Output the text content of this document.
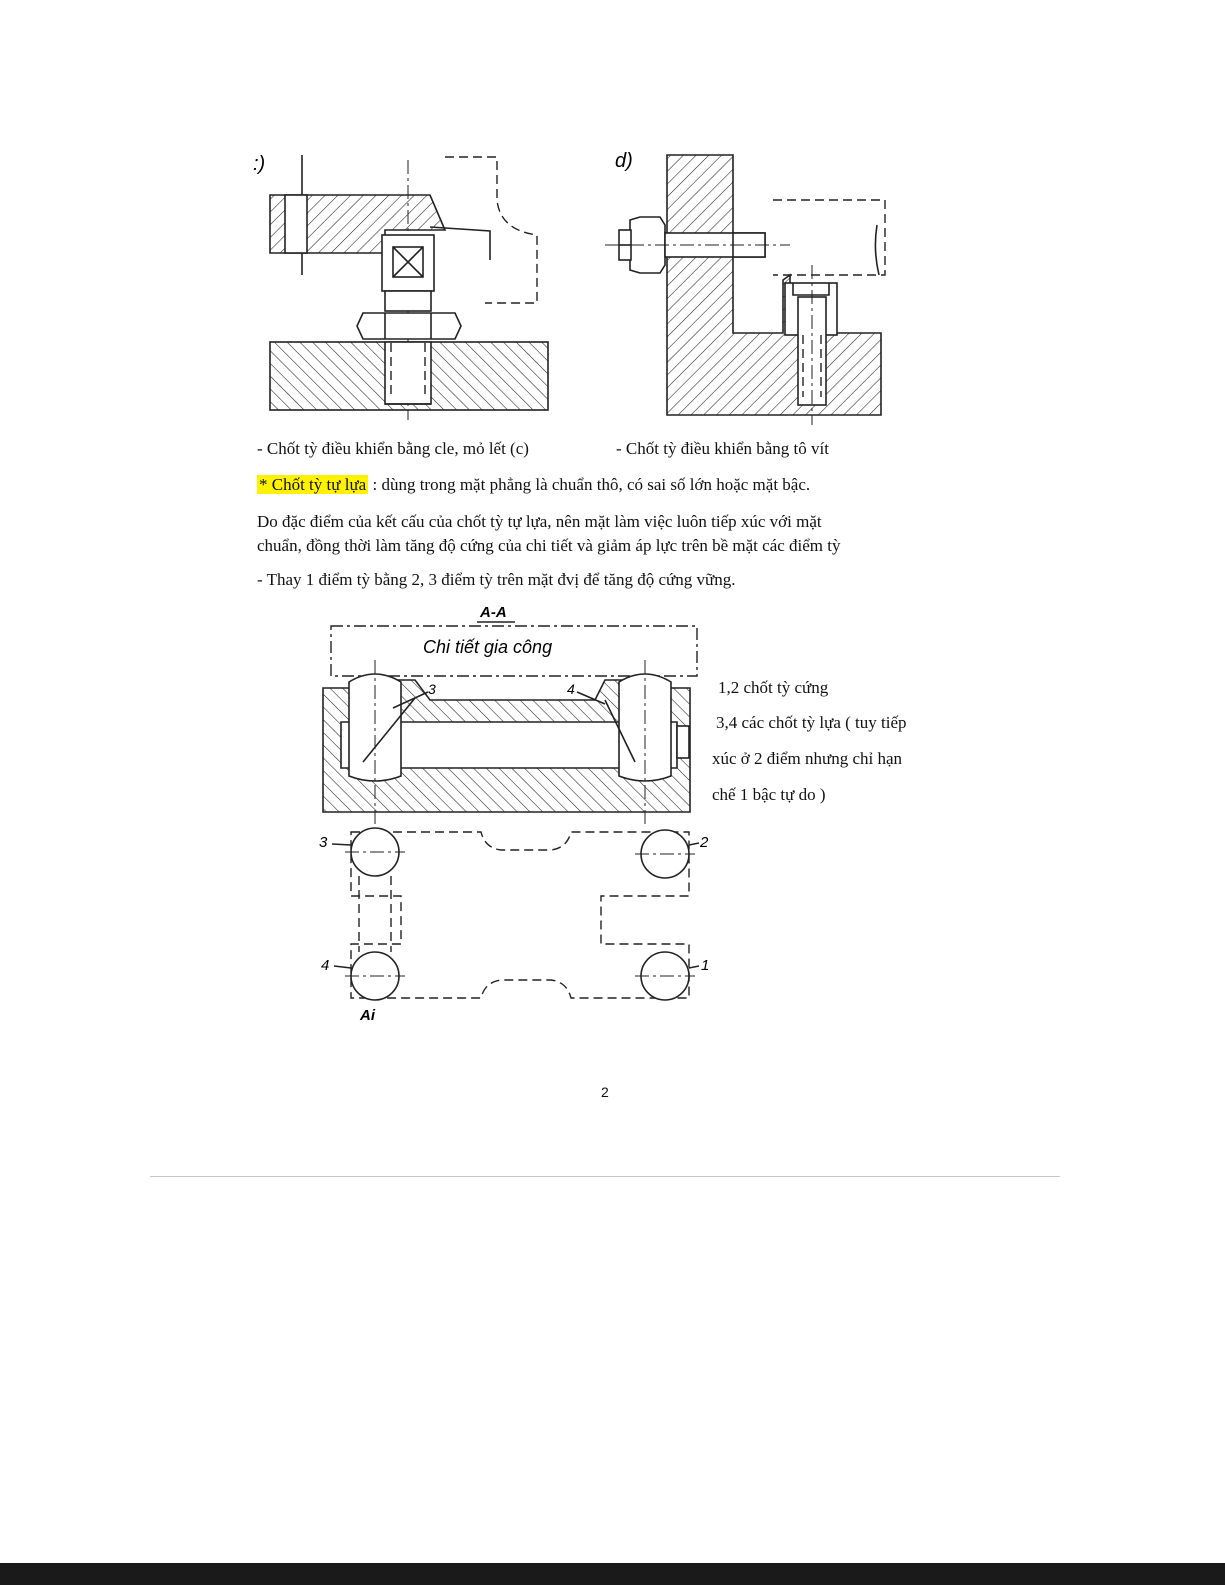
:)	d)
- Chốt tỳ điều khiển bằng cle, mỏ lết (c)	- Chốt tỳ điều khiển bằng tô vít
* Chốt tỳ tự lựa : dùng trong mặt phẳng là chuẩn thô, có sai số lớn hoặc mặt bậc.
Do đặc điểm của kết cấu của chốt tỳ tự lựa, nên mặt làm việc luôn tiếp xúc với mặt
chuẩn, đồng thời làm tăng độ cứng của chi tiết và giảm áp lực trên bề mặt các điểm tỳ
- Thay 1 điểm tỳ bằng 2, 3 điểm tỳ trên mặt đvị để tăng độ cứng vững.
A-A
Chi tiết gia công
3	4
3	2
4	1
Ai
1,2 chốt tỳ cứng
3,4 các chốt tỳ lựa ( tuy tiếp
xúc ở 2 điểm nhưng chỉ hạn
chế 1 bậc tự do )
2
